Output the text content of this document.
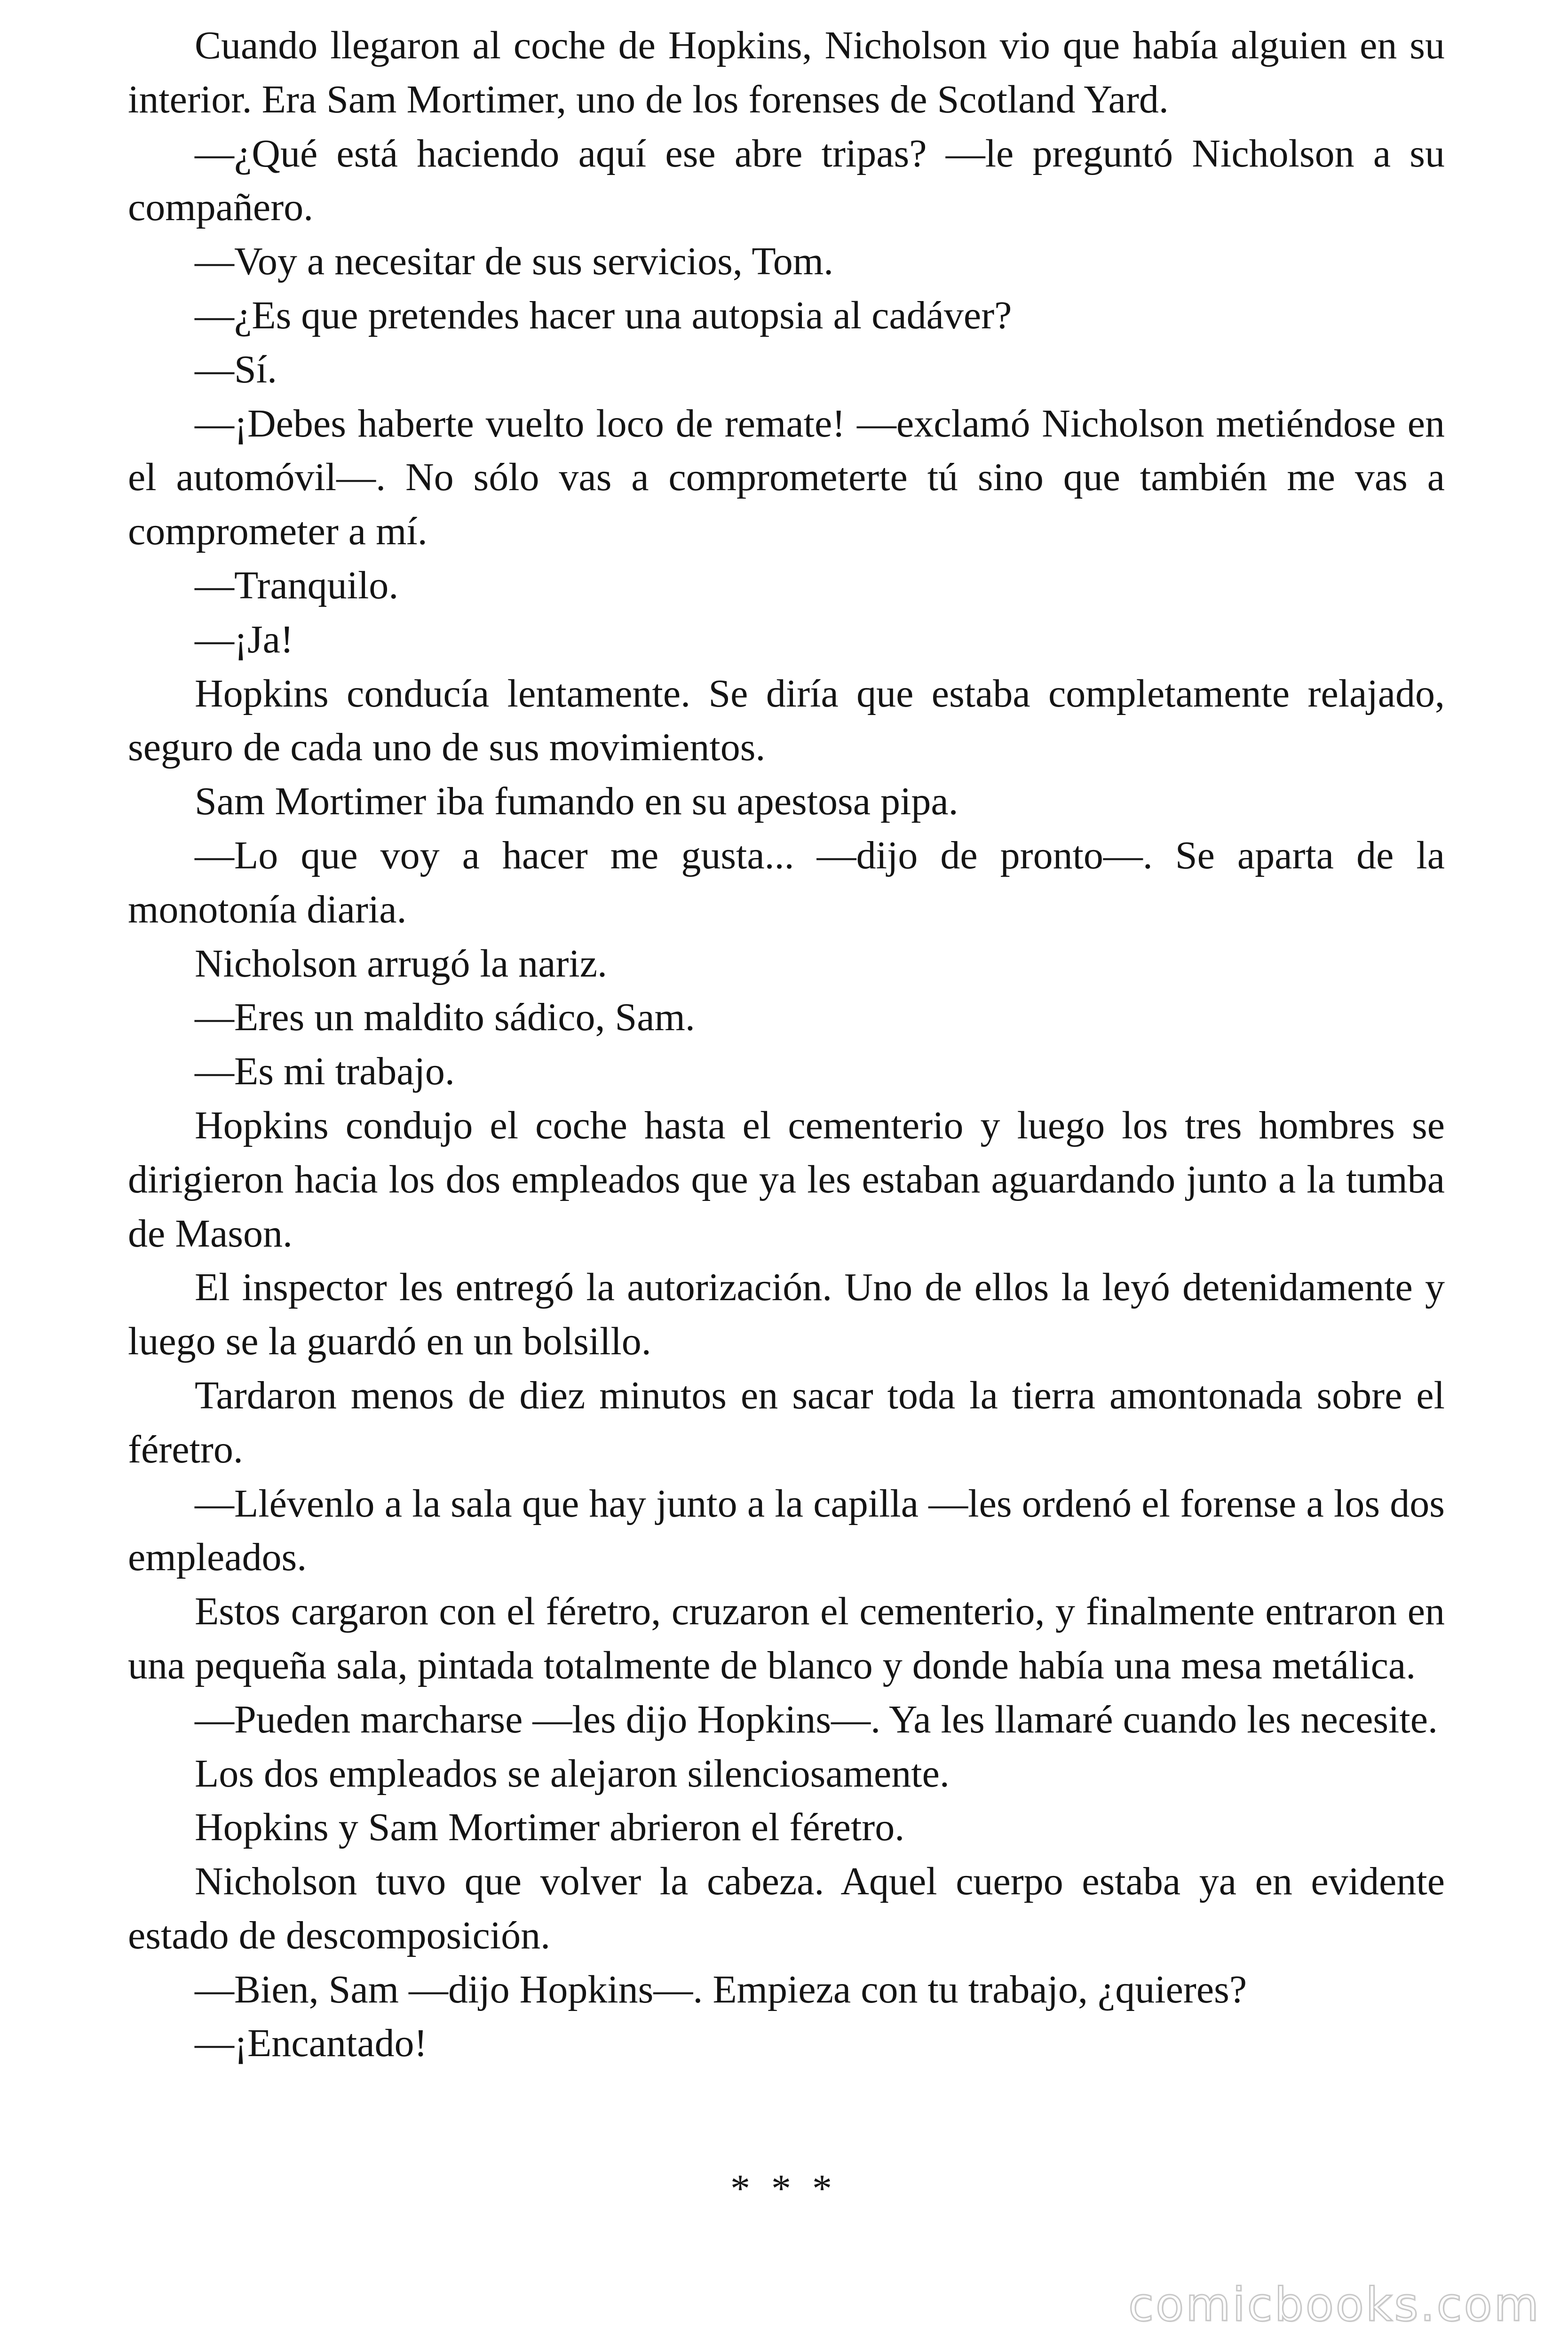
Cuando llegaron al coche de Hopkins, Nicholson vio que había alguien en su interior. Era Sam Mortimer, uno de los forenses de Scotland Yard.

—¿Qué está haciendo aquí ese abre tripas? —le preguntó Nicholson a su compañero.

—Voy a necesitar de sus servicios, Tom.

—¿Es que pretendes hacer una autopsia al cadáver?

—Sí.

—¡Debes haberte vuelto loco de remate! —exclamó Nicholson metiéndose en el automóvil—. No sólo vas a comprometerte tú sino que también me vas a comprometer a mí.

—Tranquilo.

—¡Ja!

Hopkins conducía lentamente. Se diría que estaba completamente relajado, seguro de cada uno de sus movimientos.

Sam Mortimer iba fumando en su apestosa pipa.

—Lo que voy a hacer me gusta... —dijo de pronto—. Se aparta de la monotonía diaria.

Nicholson arrugó la nariz.

—Eres un maldito sádico, Sam.

—Es mi trabajo.

Hopkins condujo el coche hasta el cementerio y luego los tres hombres se dirigieron hacia los dos empleados que ya les estaban aguardando junto a la tumba de Mason.

El inspector les entregó la autorización. Uno de ellos la leyó detenidamente y luego se la guardó en un bolsillo.

Tardaron menos de diez minutos en sacar toda la tierra amontonada sobre el féretro.

—Llévenlo a la sala que hay junto a la capilla —les ordenó el forense a los dos empleados.

Estos cargaron con el féretro, cruzaron el cementerio, y finalmente entraron en una pequeña sala, pintada totalmente de blanco y donde había una mesa metálica.

—Pueden marcharse —les dijo Hopkins—. Ya les llamaré cuando les necesite.

Los dos empleados se alejaron silenciosamente.

Hopkins y Sam Mortimer abrieron el féretro.

Nicholson tuvo que volver la cabeza. Aquel cuerpo estaba ya en evidente estado de descomposición.

—Bien, Sam —dijo Hopkins—. Empieza con tu trabajo, ¿quieres?

—¡Encantado!

* * *
comicbooks.com
